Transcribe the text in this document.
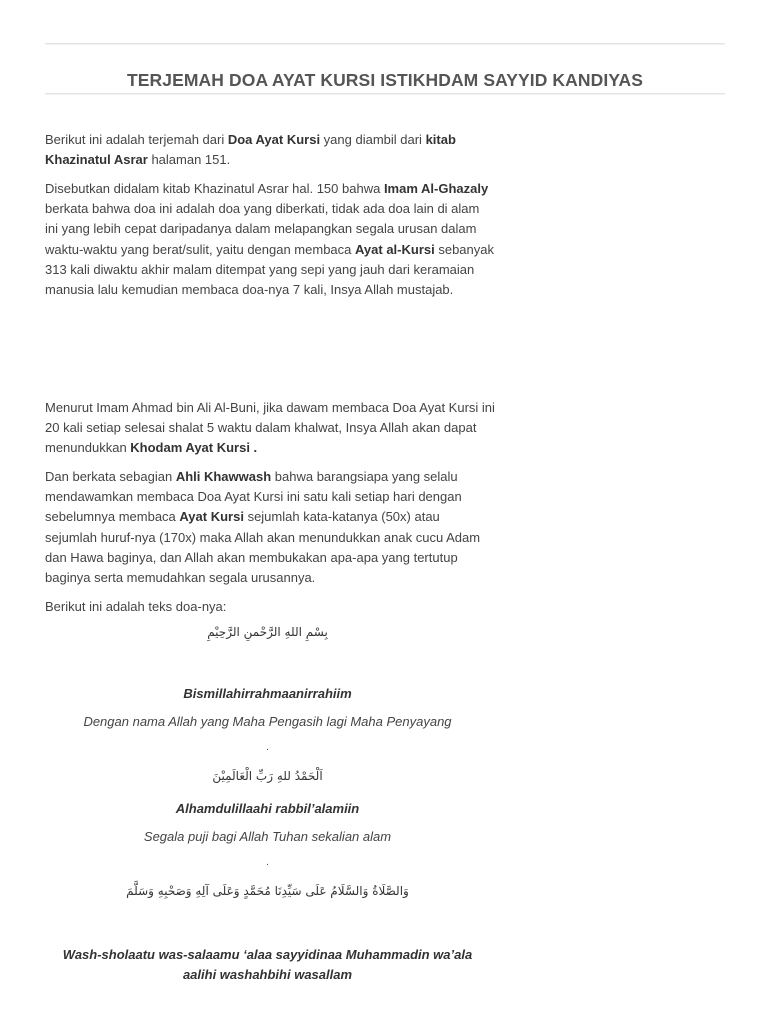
TERJEMAH DOA AYAT KURSI ISTIKHDAM SAYYID KANDIYAS

Berikut ini adalah terjemah dari Doa Ayat Kursi yang diambil dari kitab Khazinatul Asrar halaman 151.

Disebutkan didalam kitab Khazinatul Asrar hal. 150 bahwa Imam Al-Ghazaly berkata bahwa doa ini adalah doa yang diberkati, tidak ada doa lain di alam ini yang lebih cepat daripadanya dalam melapangkan segala urusan dalam waktu-waktu yang berat/sulit, yaitu dengan membaca Ayat al-Kursi sebanyak 313 kali diwaktu akhir malam ditempat yang sepi yang jauh dari keramaian manusia lalu kemudian membaca doa-nya 7 kali, Insya Allah mustajab.

Menurut Imam Ahmad bin Ali Al-Buni, jika dawam membaca Doa Ayat Kursi ini 20 kali setiap selesai shalat 5 waktu dalam khalwat, Insya Allah akan dapat menundukkan Khodam Ayat Kursi .

Dan berkata sebagian Ahli Khawwash bahwa barangsiapa yang selalu mendawamkan membaca Doa Ayat Kursi ini satu kali setiap hari dengan sebelumnya membaca Ayat Kursi sejumlah kata-katanya (50x) atau sejumlah huruf-nya (170x) maka Allah akan menundukkan anak cucu Adam dan Hawa baginya, dan Allah akan membukakan apa-apa yang tertutup baginya serta memudahkan segala urusannya.

Berikut ini adalah teks doa-nya:

بِسْمِ اللهِ الرَّحْمنِ الرَّحِيْمِ
Bismillahirrahmaanirrahiim
Dengan nama Allah yang Maha Pengasih lagi Maha Penyayang
.
اَلْحَمْدُ للهِ رَبِّ الْعَالَمِيْنَ
Alhamdulillaahi rabbil’alamiin
Segala puji bagi Allah Tuhan sekalian alam
.
وَالصَّلَاةُ وَالسَّلَامُ عَلَى سَيِّدِنَا مُحَمَّدٍ وَعَلَى آلِهِ وَصَحْبِهِ وَسَلَّمَ
Wash-sholaatu was-salaamu ‘alaa sayyidinaa Muhammadin wa’ala aalihi washahbihi wasallam
